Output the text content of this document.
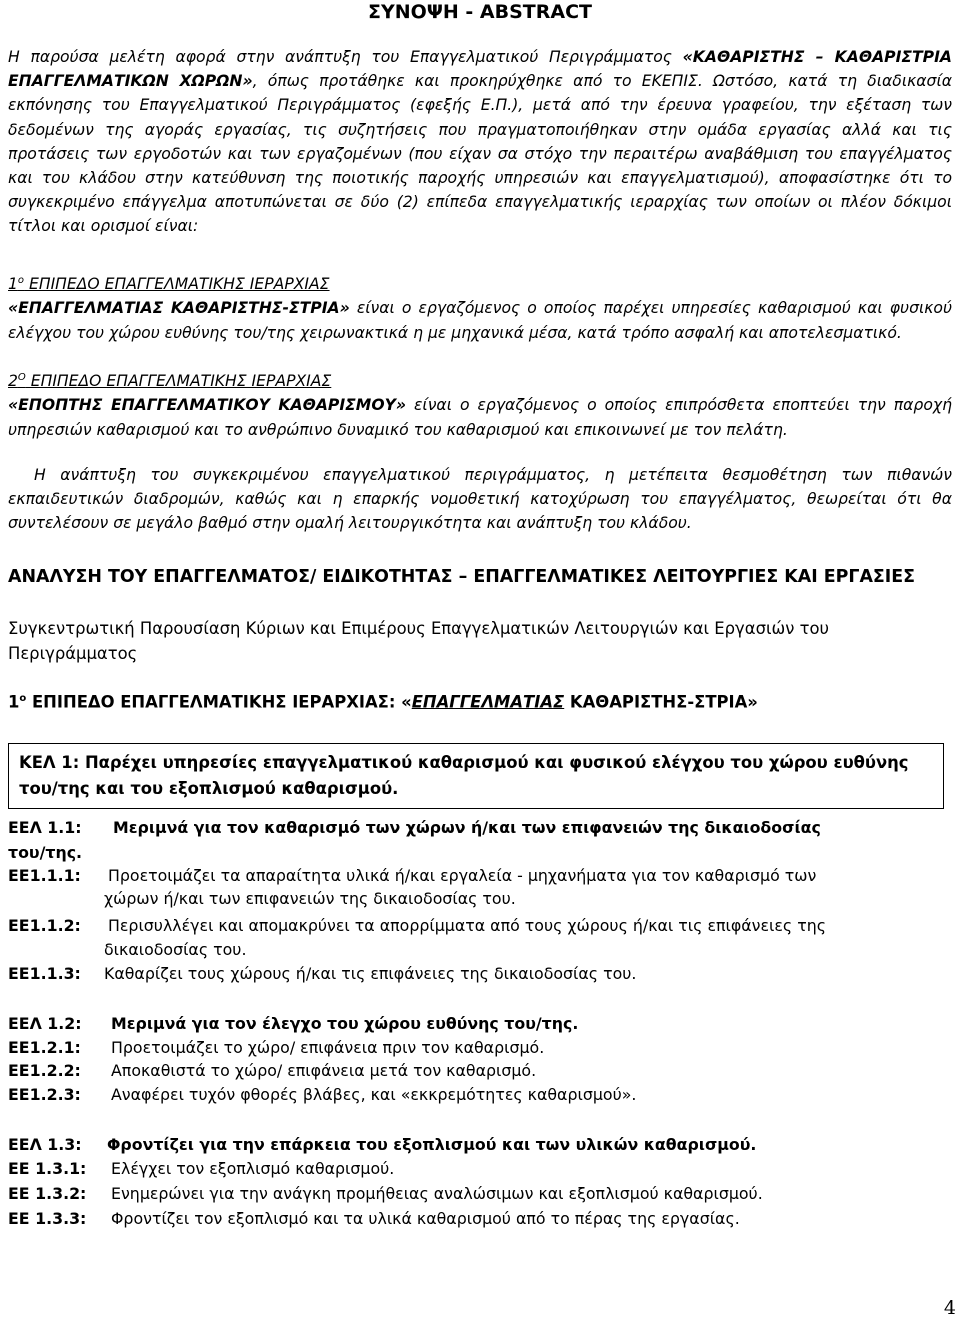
ΣΥΝΟΨΗ - ABSTRACT
Η παρούσα μελέτη αφορά στην ανάπτυξη του Επαγγελματικού Περιγράμματος «ΚΑΘΑΡΙΣΤΗΣ – ΚΑΘΑΡΙΣΤΡΙΑ ΕΠΑΓΓΕΛΜΑΤΙΚΩΝ ΧΩΡΩΝ», όπως προτάθηκε και προκηρύχθηκε από το ΕΚΕΠΙΣ. Ωστόσο, κατά τη διαδικασία εκπόνησης του Επαγγελματικού Περιγράμματος (εφεξής Ε.Π.), μετά από την έρευνα γραφείου, την εξέταση των δεδομένων της αγοράς εργασίας, τις συζητήσεις που πραγματοποιήθηκαν στην ομάδα εργασίας αλλά και τις προτάσεις των εργοδοτών και των εργαζομένων (που είχαν σα στόχο την περαιτέρω αναβάθμιση του επαγγέλματος και του κλάδου στην κατεύθυνση της ποιοτικής παροχής υπηρεσιών και επαγγελματισμού), αποφασίστηκε ότι το συγκεκριμένο επάγγελμα αποτυπώνεται σε δύο (2) επίπεδα επαγγελματικής ιεραρχίας των οποίων οι πλέον δόκιμοι τίτλοι και ορισμοί είναι:
$1^o$ ΕΠΙΠΕΔΟ ΕΠΑΓΓΕΛΜΑΤΙΚΗΣ ΙΕΡΑΡΧΙΑΣ
«ΕΠΑΓΓΕΛΜΑΤΙΑΣ ΚΑΘΑΡΙΣΤΗΣ-ΣΤΡΙΑ» είναι ο εργαζόμενος ο οποίος παρέχει υπηρεσίες καθαρισμού και φυσικού ελέγχου του χώρου ευθύνης του/της χειρωνακτικά η με μηχανικά μέσα, κατά τρόπο ασφαλή και αποτελεσματικό.
$2^O$ ΕΠΙΠΕΔΟ ΕΠΑΓΓΕΛΜΑΤΙΚΗΣ ΙΕΡΑΡΧΙΑΣ
«ΕΠΟΠΤΗΣ ΕΠΑΓΓΕΛΜΑΤΙΚΟΥ ΚΑΘΑΡΙΣΜΟΥ» είναι ο εργαζόμενος ο οποίος επιπρόσθετα εποπτεύει την παροχή υπηρεσιών καθαρισμού και το ανθρώπινο δυναμικό του καθαρισμού και επικοινωνεί με τον πελάτη.
Η ανάπτυξη του συγκεκριμένου επαγγελματικού περιγράμματος, η μετέπειτα θεσμοθέτηση των πιθανών εκπαιδευτικών διαδρομών, καθώς και η επαρκής νομοθετική κατοχύρωση του επαγγέλματος, θεωρείται ότι θα συντελέσουν σε μεγάλο βαθμό στην ομαλή λειτουργικότητα και ανάπτυξη του κλάδου.
ΑΝΑΛΥΣΗ ΤΟΥ ΕΠΑΓΓΕΛΜΑΤΟΣ/ ΕΙΔΙΚΟΤΗΤΑΣ – ΕΠΑΓΓΕΛΜΑΤΙΚΕΣ ΛΕΙΤΟΥΡΓΙΕΣ ΚΑΙ ΕΡΓΑΣΙΕΣ
Συγκεντρωτική Παρουσίαση Κύριων και Επιμέρους Επαγγελματικών Λειτουργιών και Εργασιών του Περιγράμματος
$1^o$ ΕΠΙΠΕΔΟ ΕΠΑΓΓΕΛΜΑΤΙΚΗΣ ΙΕΡΑΡΧΙΑΣ: «ΕΠΑΓΓΕΛΜΑΤΙΑΣ ΚΑΘΑΡΙΣΤΗΣ-ΣΤΡΙΑ»
ΚΕΛ 1: Παρέχει υπηρεσίες επαγγελματικού καθαρισμού και φυσικού ελέγχου του χώρου ευθύνης του/της και του εξοπλισμού καθαρισμού.
ΕΕΛ 1.1: Μεριμνά για τον καθαρισμό των χώρων ή/και των επιφανειών της δικαιοδοσίας
του/της.
ΕΕ1.1.1: Προετοιμάζει τα απαραίτητα υλικά ή/και εργαλεία - μηχανήματα για τον καθαρισμό των
χώρων ή/και των επιφανειών της δικαιοδοσίας του.
ΕΕ1.1.2: Περισυλλέγει και απομακρύνει τα απορρίμματα από τους χώρους ή/και τις επιφάνειες της
δικαιοδοσίας του.
ΕΕ1.1.3: Καθαρίζει τους χώρους ή/και τις επιφάνειες της δικαιοδοσίας του.
ΕΕΛ 1.2: Μεριμνά για τον έλεγχο του χώρου ευθύνης του/της.
ΕΕ1.2.1: Προετοιμάζει το χώρο/ επιφάνεια πριν τον καθαρισμό.
ΕΕ1.2.2: Αποκαθιστά το χώρο/ επιφάνεια μετά τον καθαρισμό.
ΕΕ1.2.3: Αναφέρει τυχόν φθορές βλάβες, και «εκκρεμότητες καθαρισμού».
ΕΕΛ 1.3: Φροντίζει για την επάρκεια του εξοπλισμού και των υλικών καθαρισμού.
ΕΕ 1.3.1: Ελέγχει τον εξοπλισμό καθαρισμού.
ΕΕ 1.3.2: Ενημερώνει για την ανάγκη προμήθειας αναλώσιμων και εξοπλισμού καθαρισμού.
ΕΕ 1.3.3: Φροντίζει τον εξοπλισμό και τα υλικά καθαρισμού από το πέρας της εργασίας.
4
